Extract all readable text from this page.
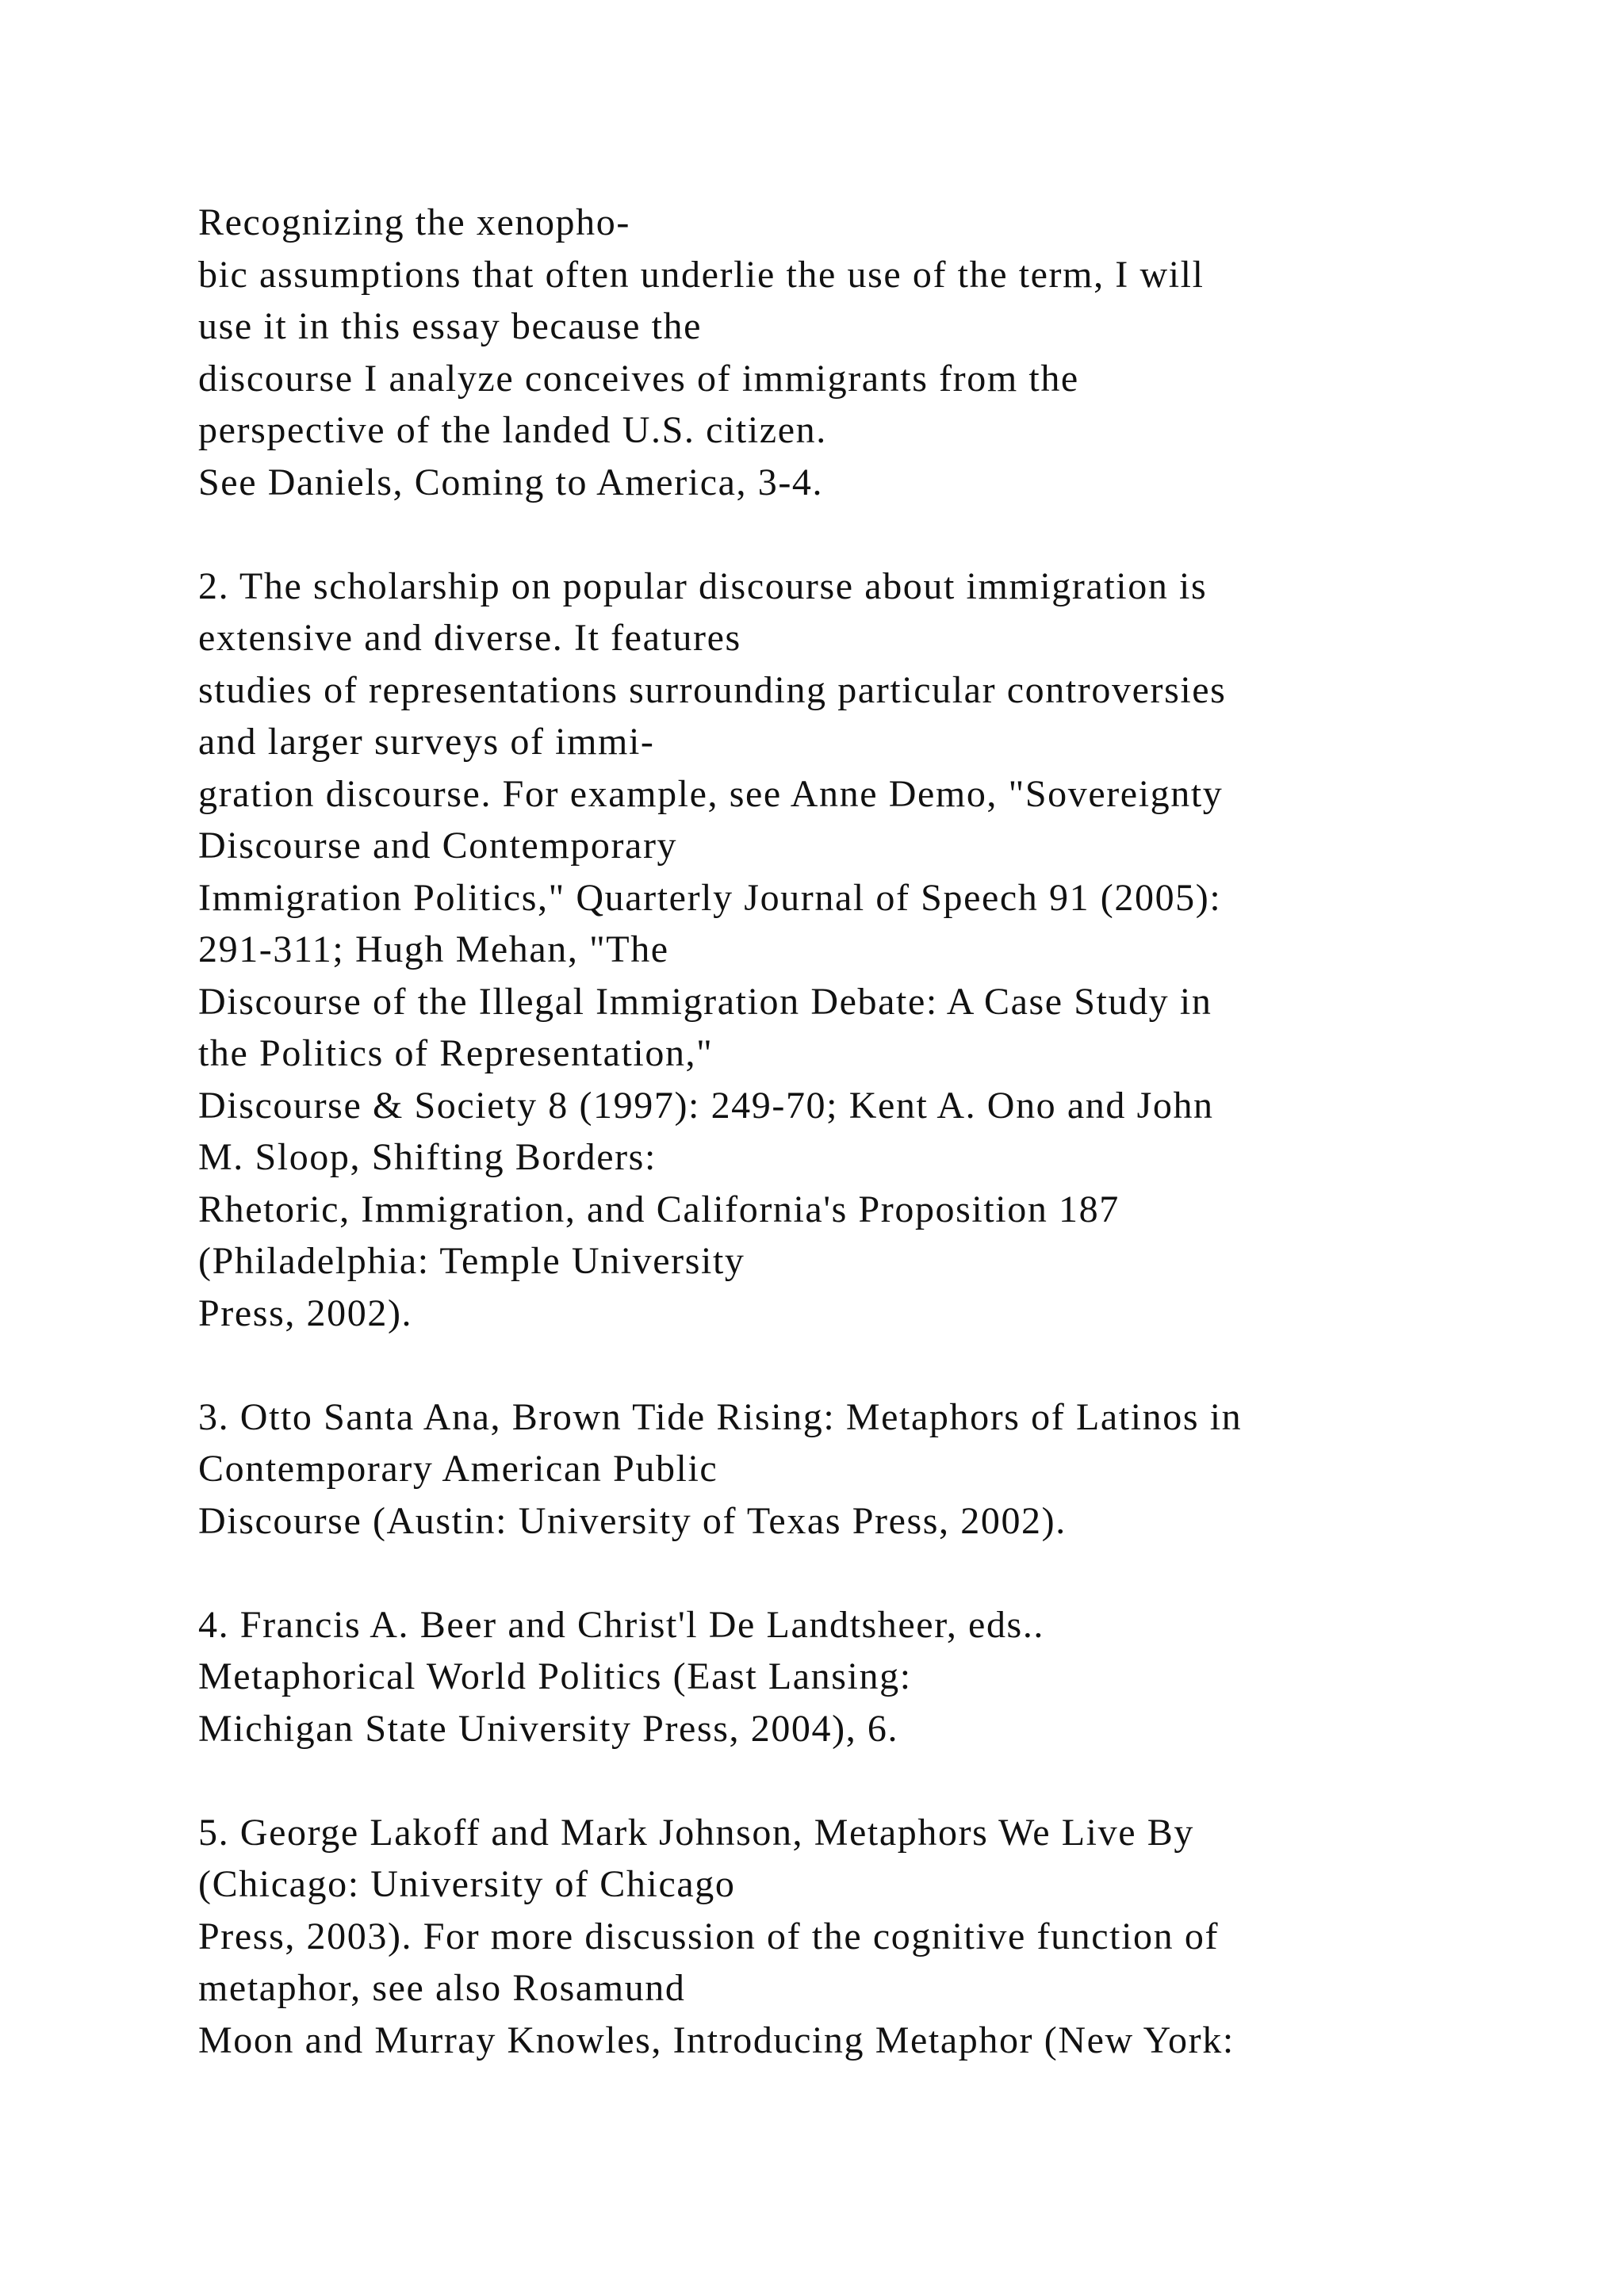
Recognizing the xenopho-
bic assumptions that often underlie the use of the term, I will
use it in this essay because the
discourse I analyze conceives of immigrants from the
perspective of the landed U.S. citizen.
See Daniels, Coming to America, 3-4.
2. The scholarship on popular discourse about immigration is
extensive and diverse. It features
studies of representations surrounding particular controversies
and larger surveys of immi-
gration discourse. For example, see Anne Demo, "Sovereignty
Discourse and Contemporary
Immigration Politics," Quarterly Journal of Speech 91 (2005):
291-311; Hugh Mehan, "The
Discourse of the Illegal Immigration Debate: A Case Study in
the Politics of Representation,"
Discourse & Society 8 (1997): 249-70; Kent A. Ono and John
M. Sloop, Shifting Borders:
Rhetoric, Immigration, and California's Proposition 187
(Philadelphia: Temple University
Press, 2002).
3. Otto Santa Ana, Brown Tide Rising: Metaphors of Latinos in
Contemporary American Public
Discourse (Austin: University of Texas Press, 2002).
4. Francis A. Beer and Christ'l De Landtsheer, eds..
Metaphorical World Politics (East Lansing:
Michigan State University Press, 2004), 6.
5. George Lakoff and Mark Johnson, Metaphors We Live By
(Chicago: University of Chicago
Press, 2003). For more discussion of the cognitive function of
metaphor, see also Rosamund
Moon and Murray Knowles, Introducing Metaphor (New York:
